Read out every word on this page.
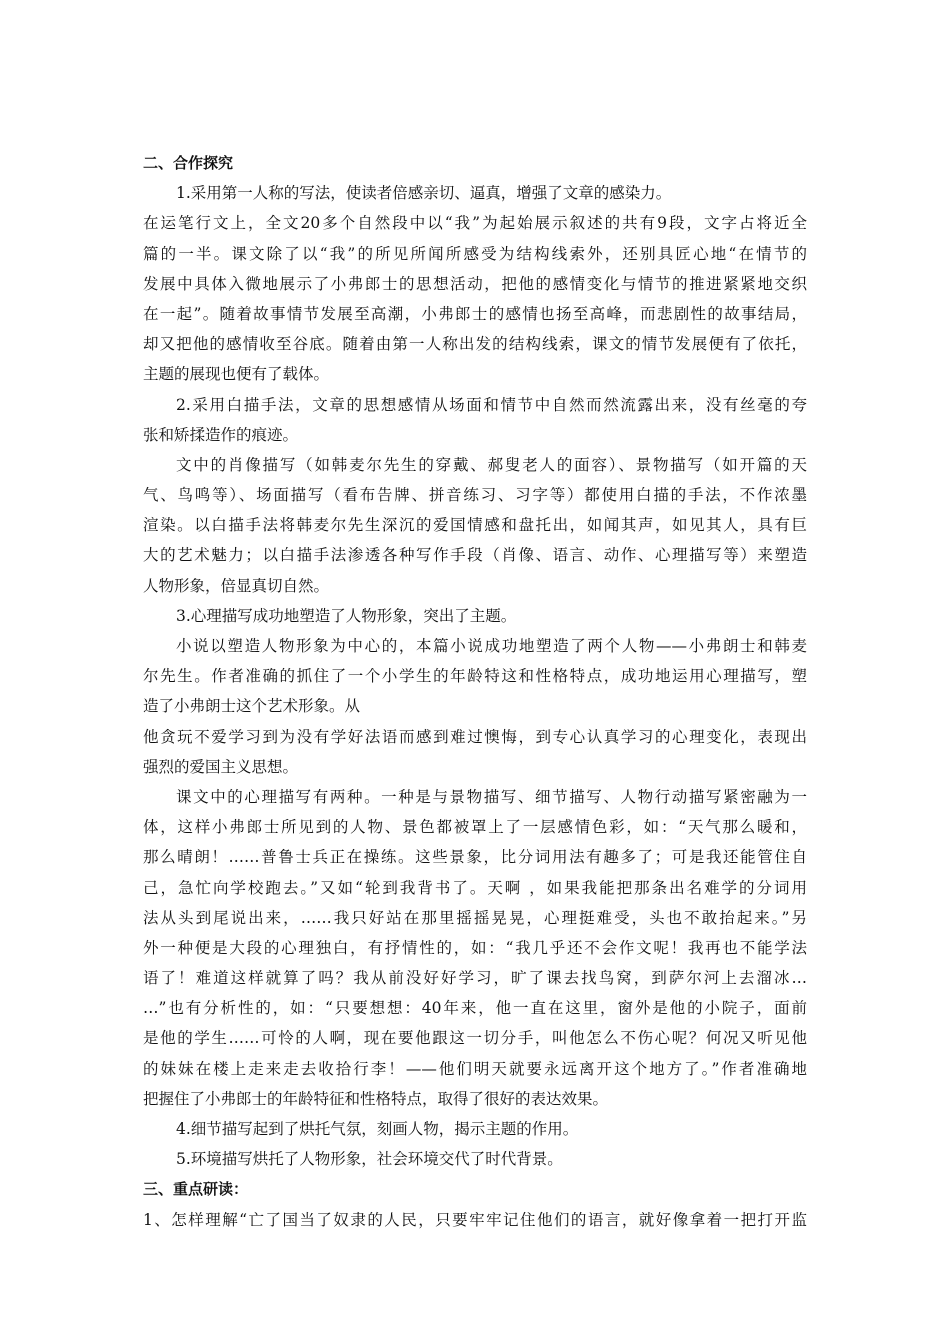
二、合作探究
1.采用第一人称的写法，使读者倍感亲切、逼真，增强了文章的感染力。
在运笔行文上，全文20多个自然段中以“我”为起始展示叙述的共有9段，文字占将近全
篇的一半。课文除了以“我”的所见所闻所感受为结构线索外，还别具匠心地“在情节的
发展中具体入微地展示了小弗郎士的思想活动，把他的感情变化与情节的推进紧紧地交织
在一起”。随着故事情节发展至高潮，小弗郎士的感情也扬至高峰，而悲剧性的故事结局，
却又把他的感情收至谷底。随着由第一人称出发的结构线索，课文的情节发展便有了依托，
主题的展现也便有了载体。
2.采用白描手法，文章的思想感情从场面和情节中自然而然流露出来，没有丝毫的夸
张和矫揉造作的痕迹。
文中的肖像描写（如韩麦尔先生的穿戴、郝叟老人的面容）、景物描写（如开篇的天
气、鸟鸣等）、场面描写（看布告牌、拼音练习、习字等）都使用白描的手法，不作浓墨
渲染。以白描手法将韩麦尔先生深沉的爱国情感和盘托出，如闻其声，如见其人，具有巨
大的艺术魅力；以白描手法渗透各种写作手段（肖像、语言、动作、心理描写等）来塑造
人物形象，倍显真切自然。
3.心理描写成功地塑造了人物形象，突出了主题。
小说以塑造人物形象为中心的，本篇小说成功地塑造了两个人物——小弗朗士和韩麦
尔先生。作者准确的抓住了一个小学生的年龄特这和性格特点，成功地运用心理描写，塑
造了小弗朗士这个艺术形象。从
他贪玩不爱学习到为没有学好法语而感到难过懊悔，到专心认真学习的心理变化，表现出
强烈的爱国主义思想。
课文中的心理描写有两种。一种是与景物描写、细节描写、人物行动描写紧密融为一
体，这样小弗郎士所见到的人物、景色都被罩上了一层感情色彩，如：“天气那么暖和，
那么晴朗！……普鲁士兵正在操练。这些景象，比分词用法有趣多了；可是我还能管住自
己，急忙向学校跑去。”又如“轮到我背书了。天啊 ，如果我能把那条出名难学的分词用
法从头到尾说出来，……我只好站在那里摇摇晃晃，心理挺难受，头也不敢抬起来。”另
外一种便是大段的心理独白，有抒情性的，如：“我几乎还不会作文呢！我再也不能学法
语了！难道这样就算了吗？我从前没好好学习，旷了课去找鸟窝，到萨尔河上去溜冰…
…”也有分析性的，如：“只要想想：40年来，他一直在这里，窗外是他的小院子，面前
是他的学生……可怜的人啊，现在要他跟这一切分手，叫他怎么不伤心呢？何况又听见他
的妹妹在楼上走来走去收拾行李！——他们明天就要永远离开这个地方了。”作者准确地
把握住了小弗郎士的年龄特征和性格特点，取得了很好的表达效果。
4.细节描写起到了烘托气氛，刻画人物，揭示主题的作用。
5.环境描写烘托了人物形象，社会环境交代了时代背景。
三、重点研读：
1、怎样理解“亡了国当了奴隶的人民，只要牢牢记住他们的语言，就好像拿着一把打开监
